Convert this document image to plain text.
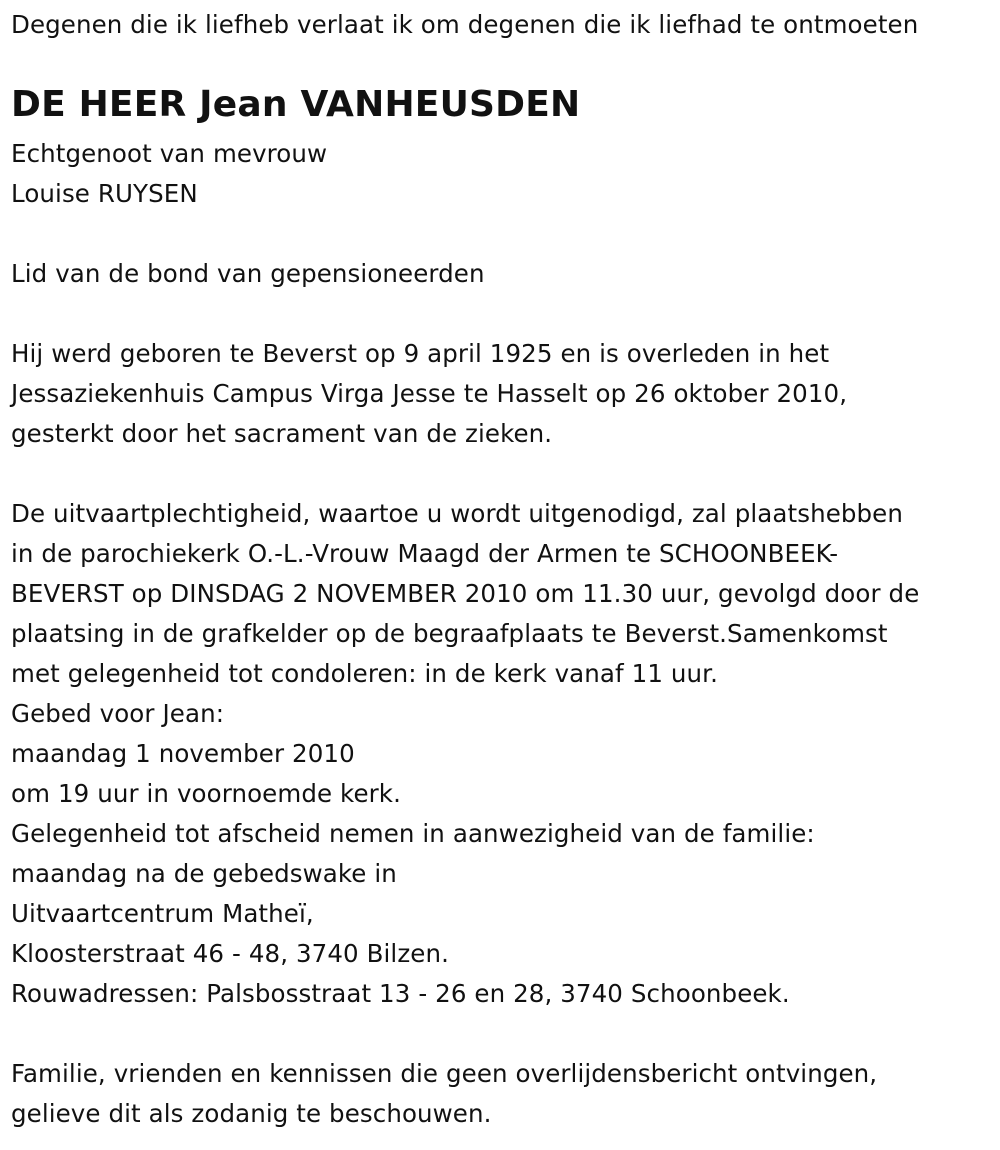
Degenen die ik liefheb verlaat ik om degenen die ik liefhad te ontmoeten
DE HEER Jean VANHEUSDEN
Echtgenoot van mevrouw
Louise RUYSEN
Lid van de bond van gepensioneerden
Hij werd geboren te Beverst op 9 april 1925 en is overleden in het
Jessaziekenhuis Campus Virga Jesse te Hasselt op 26 oktober 2010,
gesterkt door het sacrament van de zieken.
De uitvaartplechtigheid, waartoe u wordt uitgenodigd, zal plaatshebben
in de parochiekerk O.-L.-Vrouw Maagd der Armen te SCHOONBEEK-
BEVERST op DINSDAG 2 NOVEMBER 2010 om 11.30 uur, gevolgd door de
plaatsing in de grafkelder op de begraafplaats te Beverst.Samenkomst
met gelegenheid tot condoleren: in de kerk vanaf 11 uur.
Gebed voor Jean:
maandag 1 november 2010
om 19 uur in voornoemde kerk.
Gelegenheid tot afscheid nemen in aanwezigheid van de familie:
maandag na de gebedswake in
Uitvaartcentrum Matheï,
Kloosterstraat 46 - 48, 3740 Bilzen.
Rouwadressen: Palsbosstraat 13 - 26 en 28, 3740 Schoonbeek.
Familie, vrienden en kennissen die geen overlijdensbericht ontvingen,
gelieve dit als zodanig te beschouwen.
